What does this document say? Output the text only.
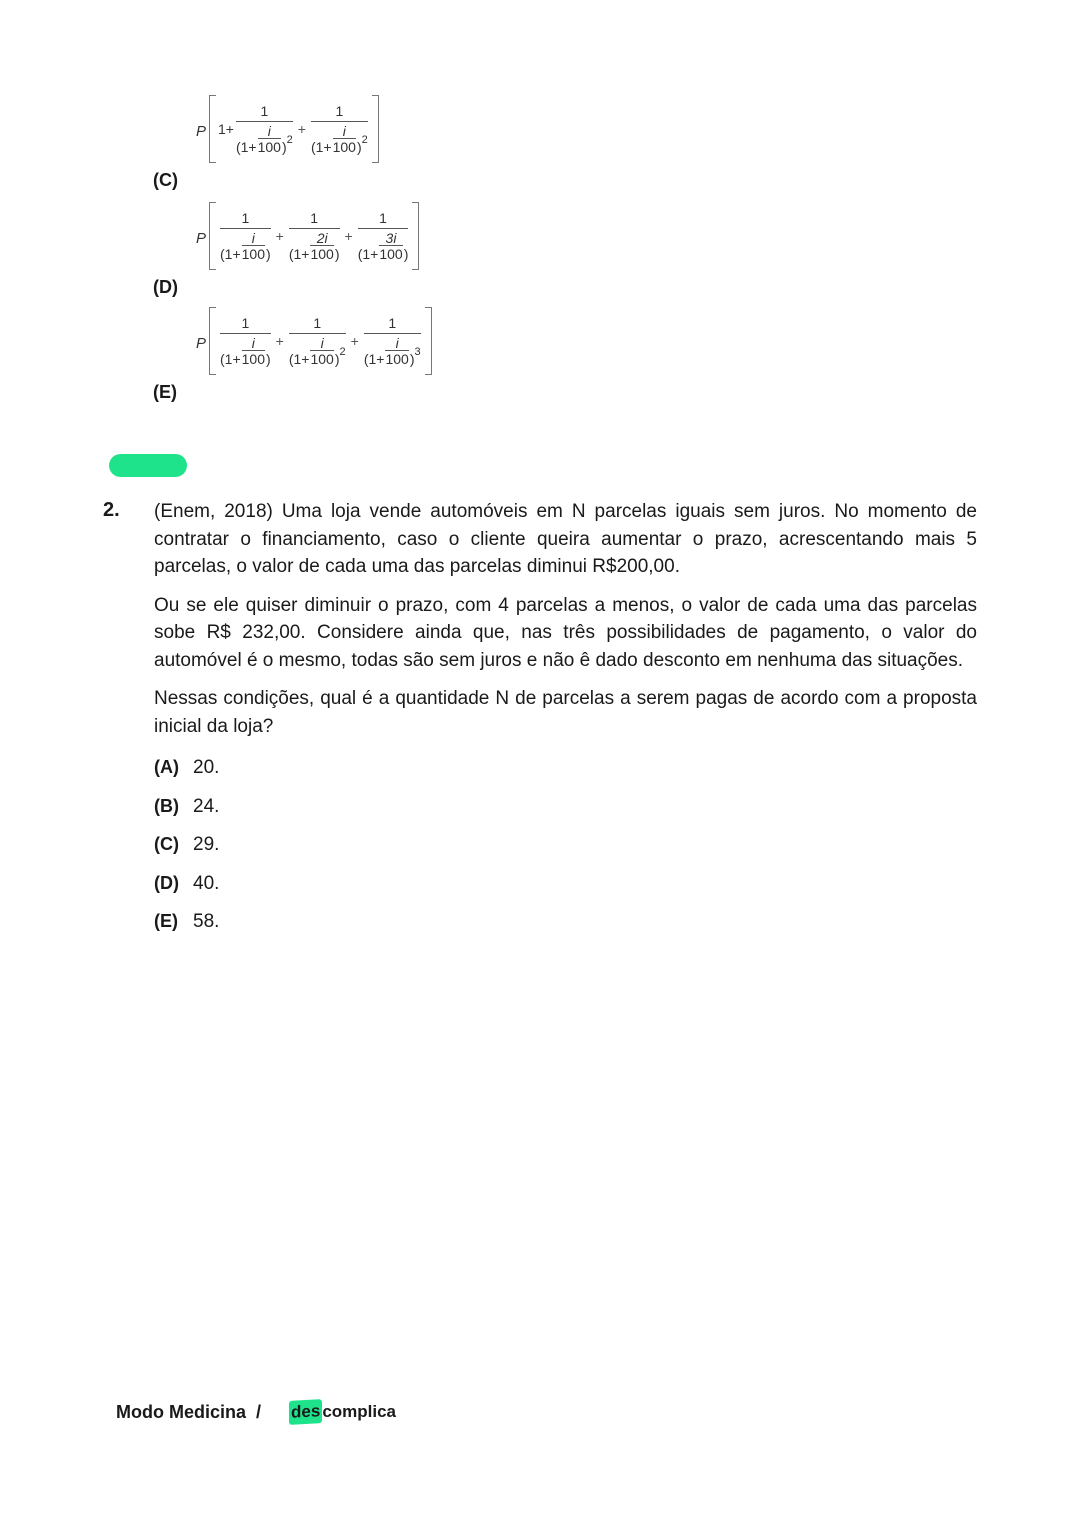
(C)
P $1+ \frac{1}{(1+ \frac{i}{100} ) 2} + \frac{1}{(1+ \frac{i}{100} ) 2}$
(D)
P $\frac{1}{(1+ \frac{i}{100} )} + \frac{1}{(1+ \frac{2i}{100} )} + \frac{1}{(1+ \frac{3i}{100} )}$
(E)
P $\frac{1}{(1+ \frac{i}{100} )} + \frac{1}{(1+ \frac{i}{100} ) 2} + \frac{1}{(1+ \frac{i}{100} ) 3}$
2. (Enem, 2018) Uma loja vende automóveis em N parcelas iguais sem juros. No momento de contratar o financiamento, caso o cliente queira aumentar o prazo, acrescentando mais 5 parcelas, o valor de cada uma das parcelas diminui R$200,00.

Ou se ele quiser diminuir o prazo, com 4 parcelas a menos, o valor de cada uma das parcelas sobe R$ 232,00. Considere ainda que, nas três possibilidades de pagamento, o valor do automóvel é o mesmo, todas são sem juros e não ê dado desconto em nenhuma das situações.

Nessas condições, qual é a quantidade N de parcelas a serem pagas de acordo com a proposta inicial da loja?

(A) 20.
(B) 24.
(C) 29.
(D) 40.
(E) 58.
Modo Medicina / des complica
